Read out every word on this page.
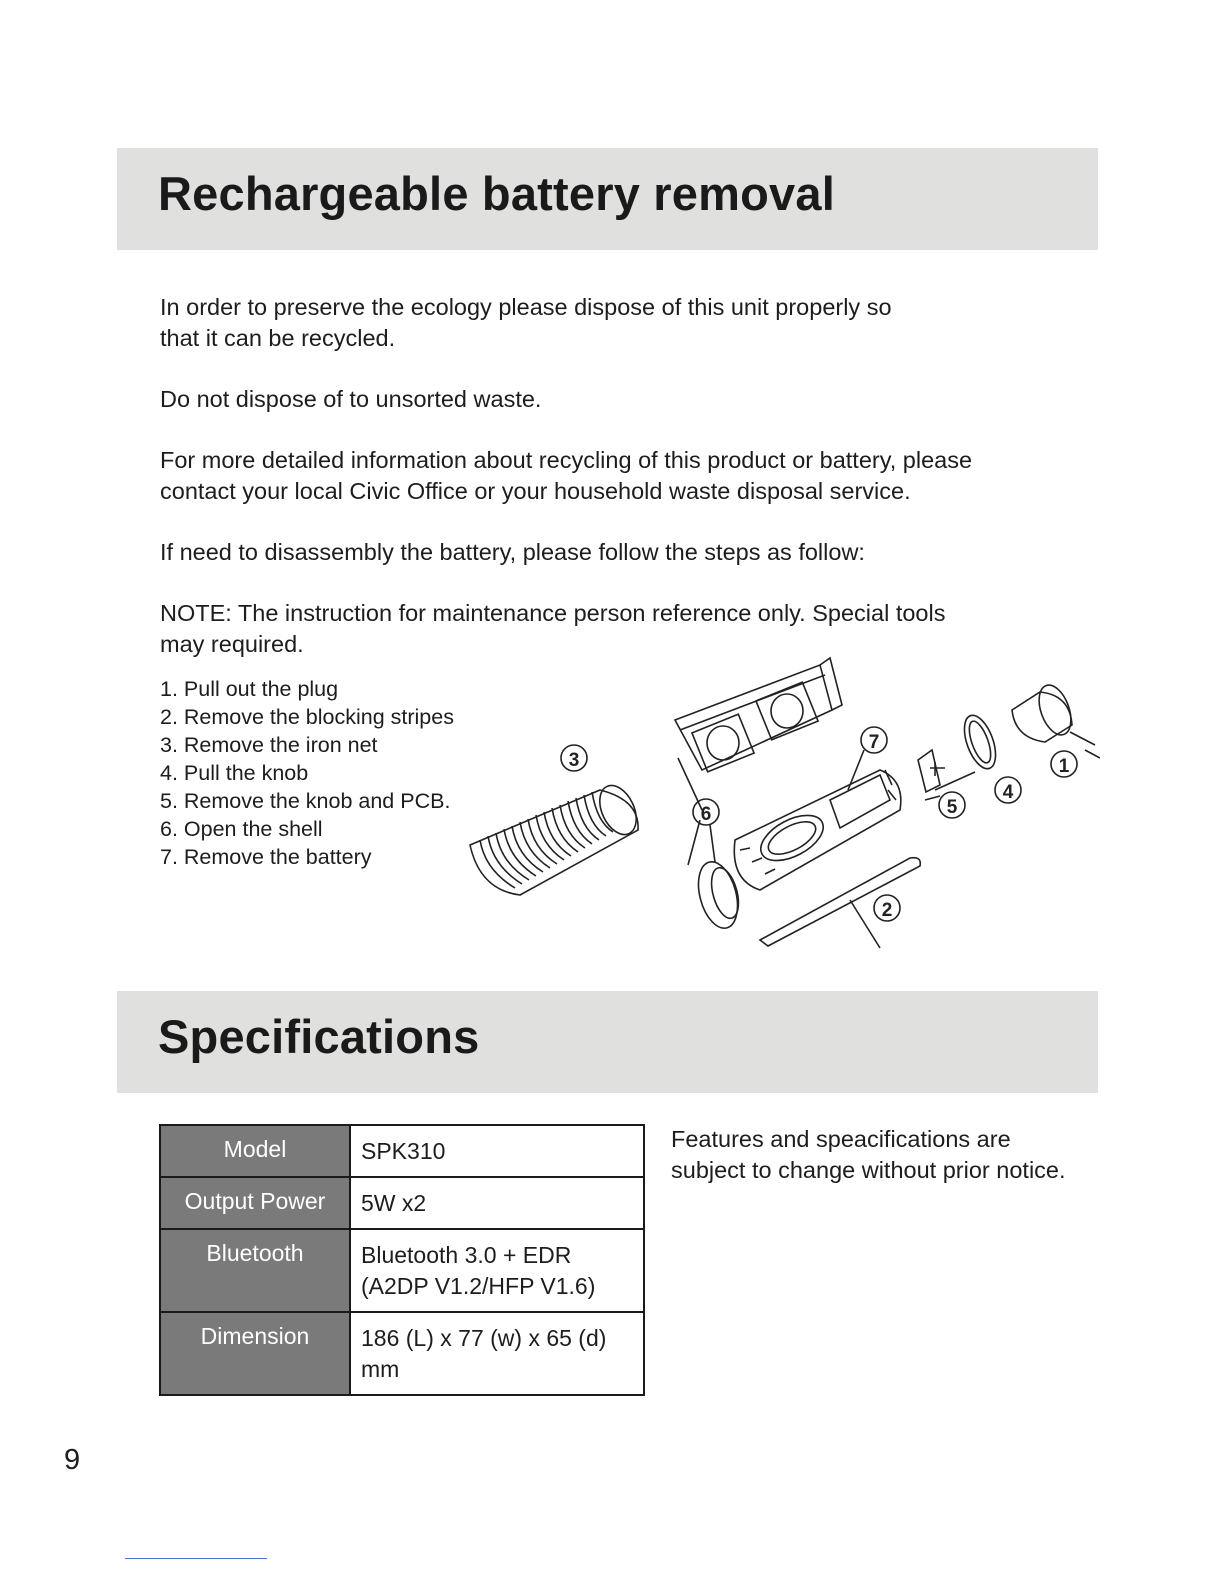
Rechargeable battery removal

In order to preserve the ecology please dispose of this unit properly so
that it can be recycled.

Do not dispose of to unsorted waste.

For more detailed information about recycling of this product or battery, please
contact your local Civic Office or your household waste disposal service.

If need to disassembly the battery, please follow the steps as follow:

NOTE: The instruction for maintenance person reference only. Special tools
may required.

1. Pull out the plug
2. Remove the blocking stripes
3. Remove the iron net
4. Pull the knob
5. Remove the knob and PCB.
6. Open the shell
7. Remove the battery
3
7
6	5
4
1
2
Specifications
Model	SPK310

Output Power	5W x2

Bluetooth	Bluetooth 3.0 + EDR
(A2DP V1.2/HFP V1.6)

Dimension	186 (L) x 77 (w) x 65 (d) mm

Features and speacifications are
subject to change without prior notice.

9
